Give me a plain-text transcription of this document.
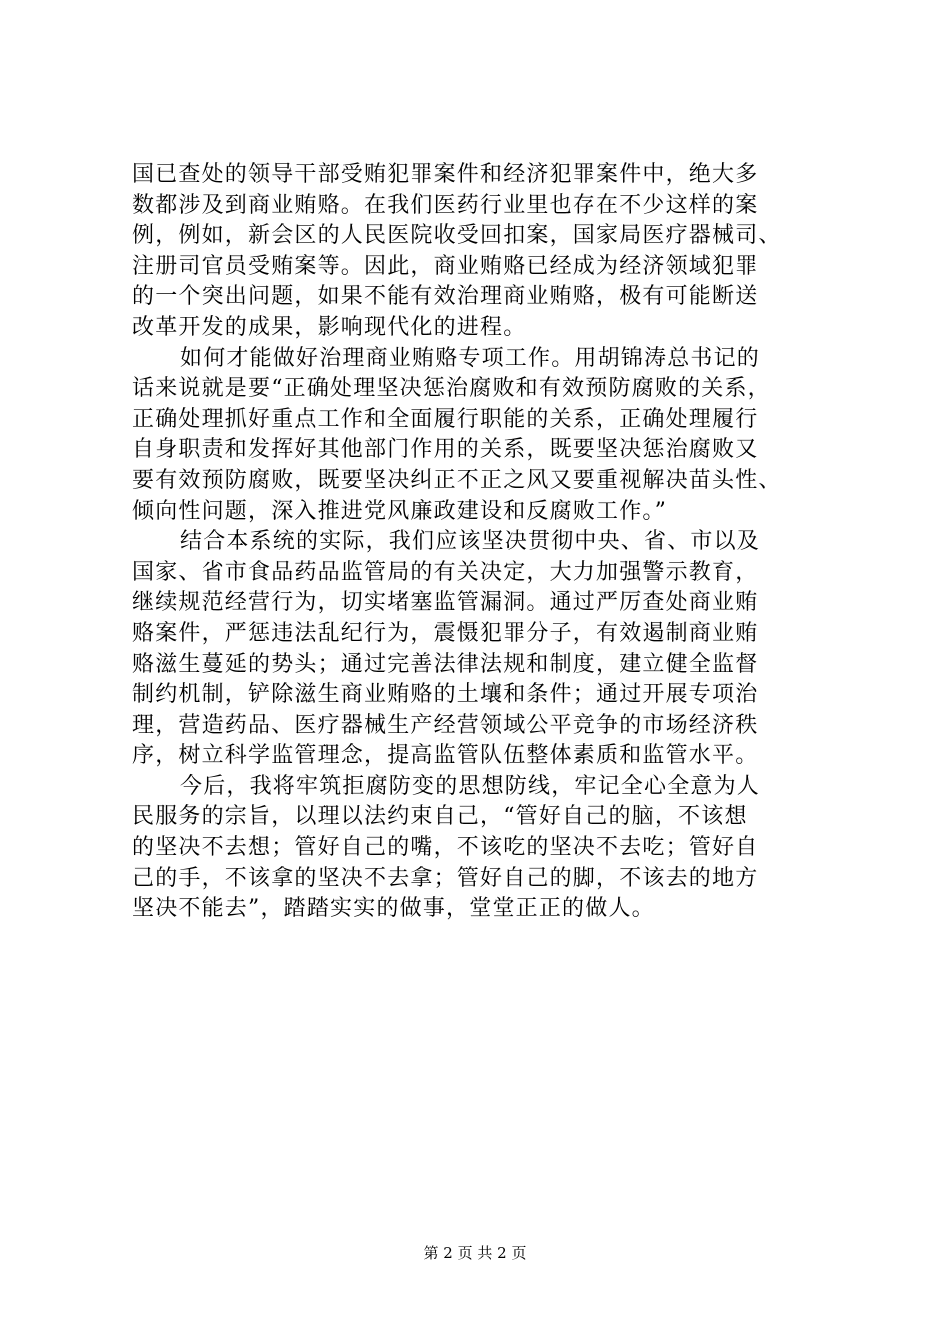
国已查处的领导干部受贿犯罪案件和经济犯罪案件中，绝大多
数都涉及到商业贿赂。在我们医药行业里也存在不少这样的案
例，例如，新会区的人民医院收受回扣案，国家局医疗器械司、
注册司官员受贿案等。因此，商业贿赂已经成为经济领域犯罪
的一个突出问题，如果不能有效治理商业贿赂，极有可能断送
改革开发的成果，影响现代化的进程。
如何才能做好治理商业贿赂专项工作。用胡锦涛总书记的
话来说就是要“正确处理坚决惩治腐败和有效预防腐败的关系，
正确处理抓好重点工作和全面履行职能的关系，正确处理履行
自身职责和发挥好其他部门作用的关系，既要坚决惩治腐败又
要有效预防腐败，既要坚决纠正不正之风又要重视解决苗头性、
倾向性问题，深入推进党风廉政建设和反腐败工作。”
结合本系统的实际，我们应该坚决贯彻中央、省、市以及
国家、省市食品药品监管局的有关决定，大力加强警示教育，
继续规范经营行为，切实堵塞监管漏洞。通过严厉查处商业贿
赂案件，严惩违法乱纪行为，震慑犯罪分子，有效遏制商业贿
赂滋生蔓延的势头；通过完善法律法规和制度，建立健全监督
制约机制，铲除滋生商业贿赂的土壤和条件；通过开展专项治
理，营造药品、医疗器械生产经营领域公平竞争的市场经济秩
序，树立科学监管理念，提高监管队伍整体素质和监管水平。
今后，我将牢筑拒腐防变的思想防线，牢记全心全意为人
民服务的宗旨，以理以法约束自己，“管好自己的脑，不该想
的坚决不去想；管好自己的嘴，不该吃的坚决不去吃；管好自
己的手，不该拿的坚决不去拿；管好自己的脚，不该去的地方
坚决不能去”，踏踏实实的做事，堂堂正正的做人。
第 2 页 共 2 页
